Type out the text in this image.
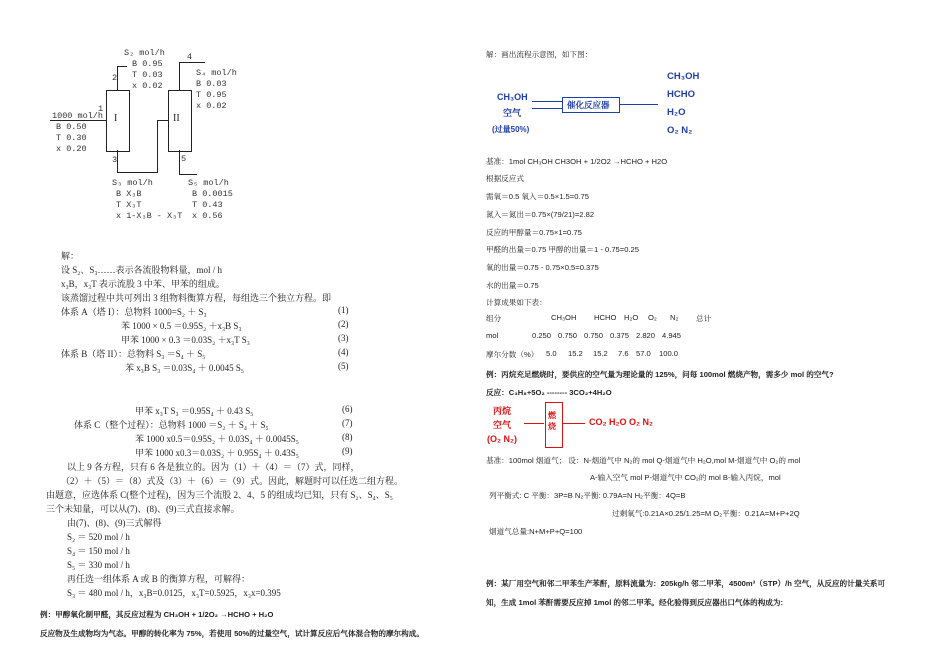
I	II
1
2
3
4
5
1000 mol/h
B 0.50
T 0.30
x 0.20
S₂ mol/h
B 0.95
T 0.03
x 0.02
S₄ mol/h
B 0.03
T 0.95
x 0.02
S₃ mol/h
B X₃B
T X₃T
x 1-X₃B - X₃T
S₅ mol/h
B 0.0015
T 0.43
x 0.56
解：
设 S₂、S₃……表示各流股物料量，mol / h
x₃B，x₃T 表示流股 3 中苯、甲苯的组成。
该蒸馏过程中共可列出 3 组物料衡算方程，每组选三个独立方程。即
体系 A（塔 I）：总物料 1000=S₂ ＋ S₃
苯 1000 × 0.5 ＝0.95S₂ ＋x₃B S₃
甲苯 1000 × 0.3 ＝0.03S₂ ＋x₃T S₃
体系 B（塔 II）：总物料 S₃ ＝S₄ ＋ S₅
苯 x₃B S₃ ＝0.03S₄ ＋ 0.0045 S₅
(1)
(2)
(3)
(4)
(5)
甲苯 x₃T S₃ ＝0.95S₄ ＋ 0.43 S₅
体系 C（整个过程）：总物料 1000 ＝S₂ ＋ S₄ ＋ S₅
苯 1000 x0.5＝0.95S₂ ＋ 0.03S₄ ＋ 0.0045S₅
甲苯 1000 x0.3＝0.03S₂ ＋ 0.95S₄ ＋ 0.43S₅
(6)
(7)
(8)
(9)
以上 9 各方程，只有 6 各是独立的。因为（1）＋（4）＝（7）式，同样，
（2）＋（5）＝（8）式及（3）＋（6）＝（9）式。因此，解题时可以任选二组方程。
由题意，应选体系 C(整个过程)，因为三个流股 2、4、5 的组成均已知，只有 S₂、S₄、S₅
三个未知量，可以从(7)、(8)、(9)三式直接求解。
由(7)、(8)、(9)三式解得
S₂ ＝ 520 mol / h
S₄ ＝ 150 mol / h
S₅ ＝ 330 mol / h
再任选一组体系 A 或 B 的衡算方程，可解得：
S₃ ＝ 480 mol / h，x₃B=0.0125，x₃T=0.5925，x₃x=0.395
例：甲醇氧化制甲醛，其反应过程为 CH₃OH + 1/2O₂ →HCHO + H₂O
反应物及生成物均为气态。甲醇的转化率为 75%，若使用 50%的过量空气，试计算反应后气体混合物的摩尔构成。
解：画出流程示意图，如下图：
CH₃OH
空气
(过量50%)
催化反应器
CH₃OH
HCHO
H₂O
O₂ N₂
基准：1mol CH₃OH CH3OH + 1/2O2 →HCHO + H2O
根据反应式
需氧＝0.5 氧入＝0.5×1.5=0.75
氮入＝氮出＝0.75×(79/21)=2.82
反应的甲醇量＝0.75×1=0.75
甲醛的出量＝0.75 甲醇的出量＝1 - 0.75=0.25
氧的出量＝0.75 - 0.75×0.5=0.375
水的出量＝0.75
计算成果如下表：
组分	CH₃OH	HCHO	H₂O	O₂	N₂	总计
mol	0.250 0.750 0.750 0.375 2.820 4.945
摩尔分数（%）	5.0	15.2	15.2	7.6 57.0	100.0
例：丙烷充足燃烧时，要供应的空气量为理论量的 125%，问每 100mol 燃烧产物，需多少 mol 的空气?
反应：C₃H₈+5O₂ -------- 3CO₂+4H₂O
丙烷
空气
(O₂ N₂)
燃烧	CO₂ H₂O O₂ N₂
基准：100mol 烟道气； 设：N-烟道气中 N₂的 mol Q-烟道气中 H₂O,mol M-烟道气中 O₂的 mol
A-输入空气 mol P-烟道气中 CO₂的 mol B-输入丙烷，mol
列平衡式: C 平衡：3P=B N₂平衡: 0.79A=N H₂平衡：4Q=B
过剩氧气:0.21A×0.25/1.25=M O₂平衡：0.21A=M+P+2Q
烟道气总量:N+M+P+Q=100
例：某厂用空气和邻二甲苯生产苯酐，原料流量为：205kg/h 邻二甲苯，4500m³（STP）/h 空气，从反应的计量关系可
知，生成 1mol 苯酐需要反应掉 1mol 的邻二甲苯。经化验得到反应器出口气体的构成为:
